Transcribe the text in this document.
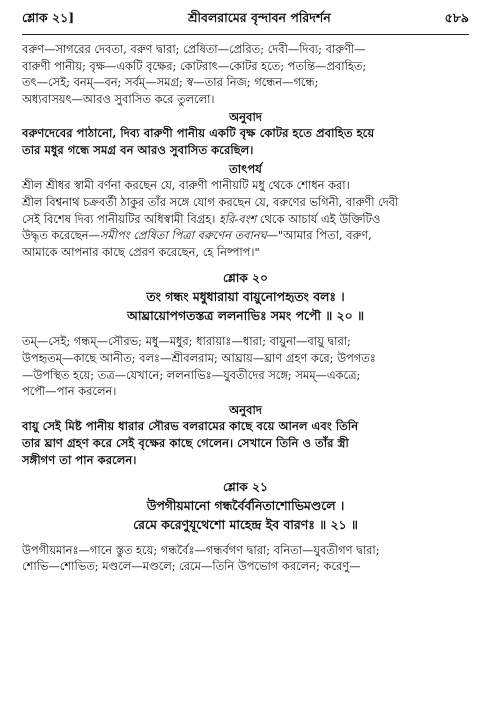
শ্লোক ২১]	শ্রীবলরামের বৃন্দাবন পরিদর্শন	৫৮৯

বরুণ—সাগরের দেবতা, বরুণ দ্বারা; প্রেষিতা—প্রেরিত; দেবী—দিব্য; বারুণী—

বারুণী পানীয়; বৃক্ষ—একটি বৃক্ষের; কোটরাৎ—কোটর হতে; পতন্তি—প্রবাহিত;

তৎ—সেই; বনম্—বন; সর্বম্—সমগ্র; স্ব—তার নিজ; গন্ধেন—গন্ধে;

অধ্যবাসয়ৎ—আরও সুবাসিত করে তুললো।

অনুবাদ

বরুণদেবের পাঠানো, দিব্য বারুণী পানীয় একটি বৃক্ষ কোটর হতে প্রবাহিত হয়ে

তার মধুর গন্ধে সমগ্র বন আরও সুবাসিত করেছিল।

তাৎপর্য

শ্রীল শ্রীধর স্বামী বর্ণনা করছেন যে, বারুণী পানীয়টি মধু থেকে শোধন করা।

শ্রীল বিশ্বনাথ চক্রবর্তী ঠাকুর তাঁর সঙ্গে যোগ করছেন যে, বরুণের ভগিনী, বারুণী দেবী

সেই বিশেষ দিব্য পানীয়টির অধিস্বামী বিগ্রহ। হরি-বংশ থেকে আচার্য এই উক্তিটিও

উদ্ধৃত করেছেন—সমীপং প্রেষিতা পিত্রা বরুণেন তবানঘ—"আমার পিতা, বরুণ,

আমাকে আপনার কাছে প্রেরণ করেছেন, হে নিষ্পাপ।"

শ্লোক ২০
তং গন্ধং মধুধারায়া বায়ুনোপহৃতং বলঃ ।
আঘ্রায়োপগতস্তত্র ললনাভিঃ সমং পপৌ ॥ ২০ ॥

তম্—সেই; গন্ধম্—সৌরভ; মধু—মধুর; ধারায়াঃ—ধারা; বায়ুনা—বায়ু দ্বারা;

উপহৃতম্—কাছে আনীত; বলঃ—শ্রীবলরাম; আঘ্রায়—ঘ্রাণ গ্রহণ করে; উপগতঃ

—উপস্থিত হয়ে; তত্র—যেখানে; ললনাভিঃ—যুবতীদের সঙ্গে; সমম্—একত্রে;

পপৌ—পান করলেন।

অনুবাদ

বায়ু সেই মিষ্ট পানীয় ধারার সৌরভ বলরামের কাছে বয়ে আনল এবং তিনি

তার ঘ্রাণ গ্রহণ করে সেই বৃক্ষের কাছে গেলেন। সেখানে তিনি ও তাঁর স্ত্রী

সঙ্গীগণ তা পান করলেন।

শ্লোক ২১
উপগীয়মানো গন্ধর্বৈর্বনিতাশোভিমণ্ডলে ।
রেমে করেণুযূথেশো মাহেন্দ্র ইব বারণঃ ॥ ২১ ॥

উপগীয়মানঃ—গানে স্তুত হয়ে; গন্ধর্বৈঃ—গন্ধর্বগণ দ্বারা; বনিতা—যুবতীগণ দ্বারা;

শোভি—শোভিত; মণ্ডলে—মণ্ডলে; রেমে—তিনি উপভোগ করলেন; করেণু—
